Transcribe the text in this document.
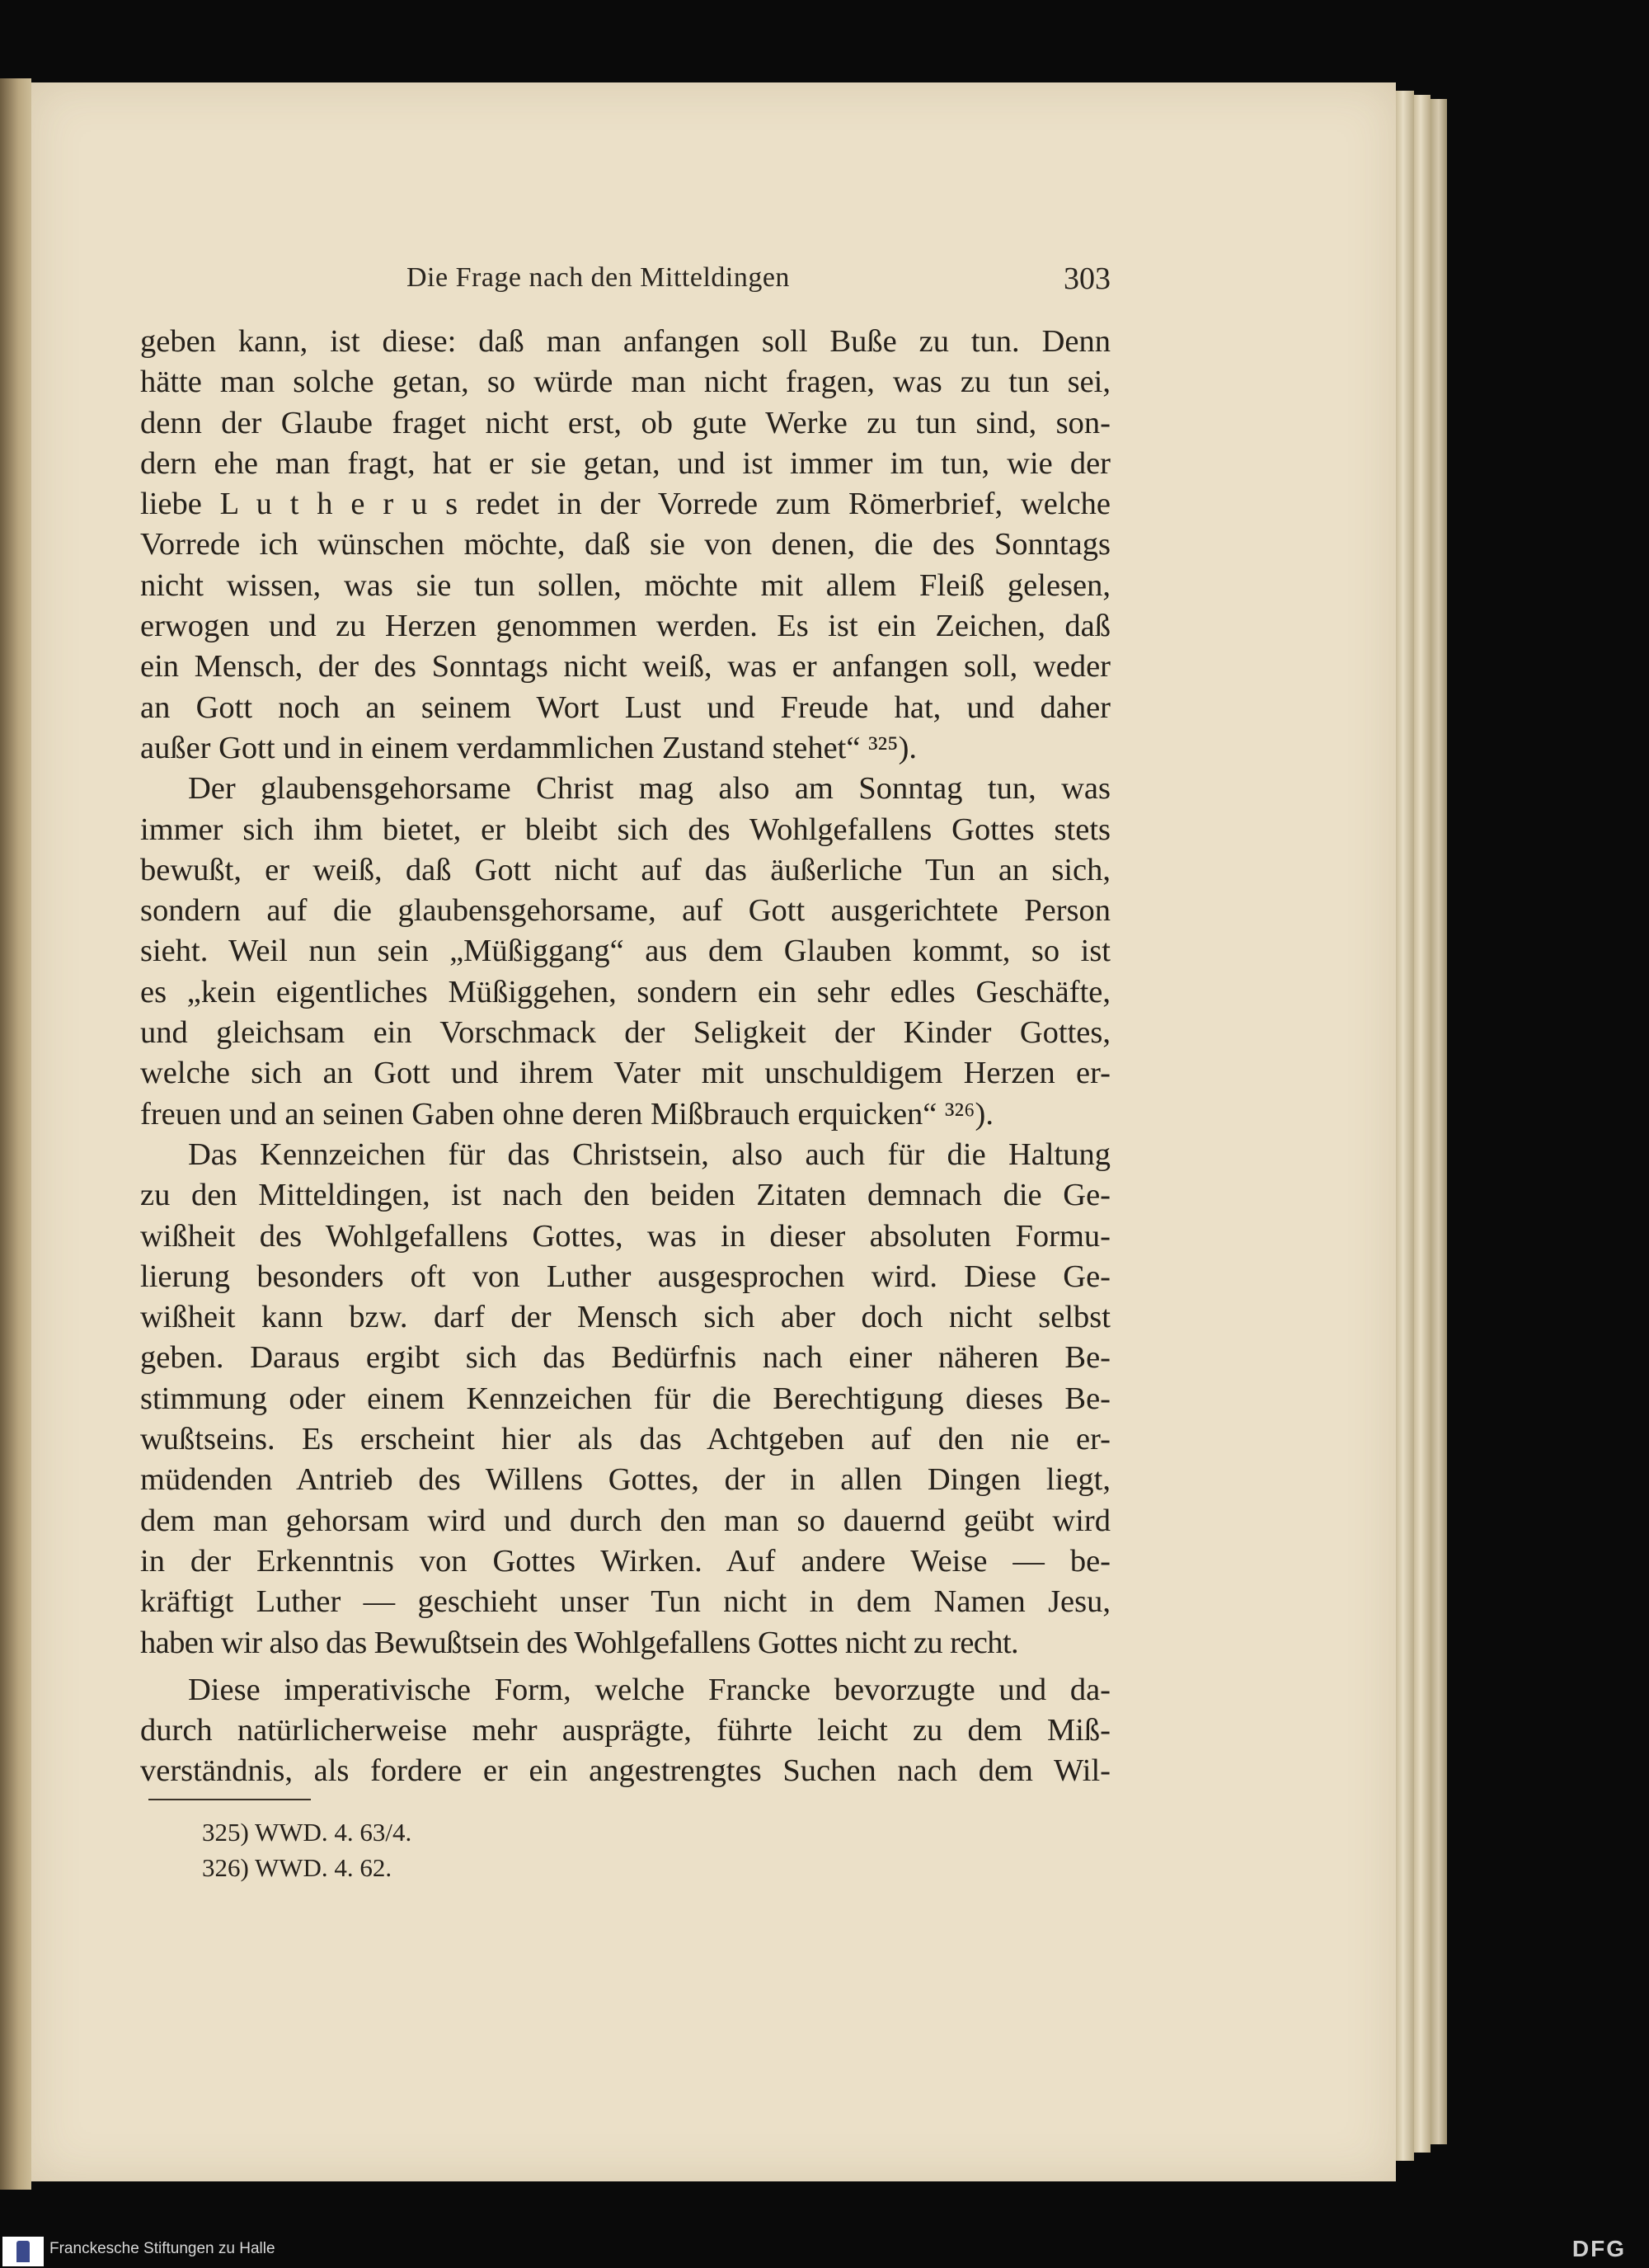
Die Frage nach den Mitteldingen	303
geben kann, ist diese: daß man anfangen soll Buße zu tun. Denn
hätte man solche getan, so würde man nicht fragen, was zu tun sei,
denn der Glaube fraget nicht erst, ob gute Werke zu tun sind, son-
dern ehe man fragt, hat er sie getan, und ist immer im tun, wie der
liebe L u t h e r u s redet in der Vorrede zum Römerbrief, welche
Vorrede ich wünschen möchte, daß sie von denen, die des Sonntags
nicht wissen, was sie tun sollen, möchte mit allem Fleiß gelesen,
erwogen und zu Herzen genommen werden. Es ist ein Zeichen, daß
ein Mensch, der des Sonntags nicht weiß, was er anfangen soll, weder
an Gott noch an seinem Wort Lust und Freude hat, und daher
außer Gott und in einem verdammlichen Zustand stehet“ ³²⁵).
Der glaubensgehorsame Christ mag also am Sonntag tun, was
immer sich ihm bietet, er bleibt sich des Wohlgefallens Gottes stets
bewußt, er weiß, daß Gott nicht auf das äußerliche Tun an sich,
sondern auf die glaubensgehorsame, auf Gott ausgerichtete Person
sieht. Weil nun sein „Müßiggang“ aus dem Glauben kommt, so ist
es „kein eigentliches Müßiggehen, sondern ein sehr edles Geschäfte,
und gleichsam ein Vorschmack der Seligkeit der Kinder Gottes,
welche sich an Gott und ihrem Vater mit unschuldigem Herzen er-
freuen und an seinen Gaben ohne deren Mißbrauch erquicken“ ³²⁶).
Das Kennzeichen für das Christsein, also auch für die Haltung
zu den Mitteldingen, ist nach den beiden Zitaten demnach die Ge-
wißheit des Wohlgefallens Gottes, was in dieser absoluten Formu-
lierung besonders oft von Luther ausgesprochen wird. Diese Ge-
wißheit kann bzw. darf der Mensch sich aber doch nicht selbst
geben. Daraus ergibt sich das Bedürfnis nach einer näheren Be-
stimmung oder einem Kennzeichen für die Berechtigung dieses Be-
wußtseins. Es erscheint hier als das Achtgeben auf den nie er-
müdenden Antrieb des Willens Gottes, der in allen Dingen liegt,
dem man gehorsam wird und durch den man so dauernd geübt wird
in der Erkenntnis von Gottes Wirken. Auf andere Weise — be-
kräftigt Luther — geschieht unser Tun nicht in dem Namen Jesu,
haben wir also das Bewußtsein des Wohlgefallens Gottes nicht zu recht.
Diese imperativische Form, welche Francke bevorzugte und da-
durch natürlicherweise mehr ausprägte, führte leicht zu dem Miß-
verständnis, als fordere er ein angestrengtes Suchen nach dem Wil-
325) WWD. 4. 63/4.
326) WWD. 4. 62.
Franckesche Stiftungen zu Halle	DFG
